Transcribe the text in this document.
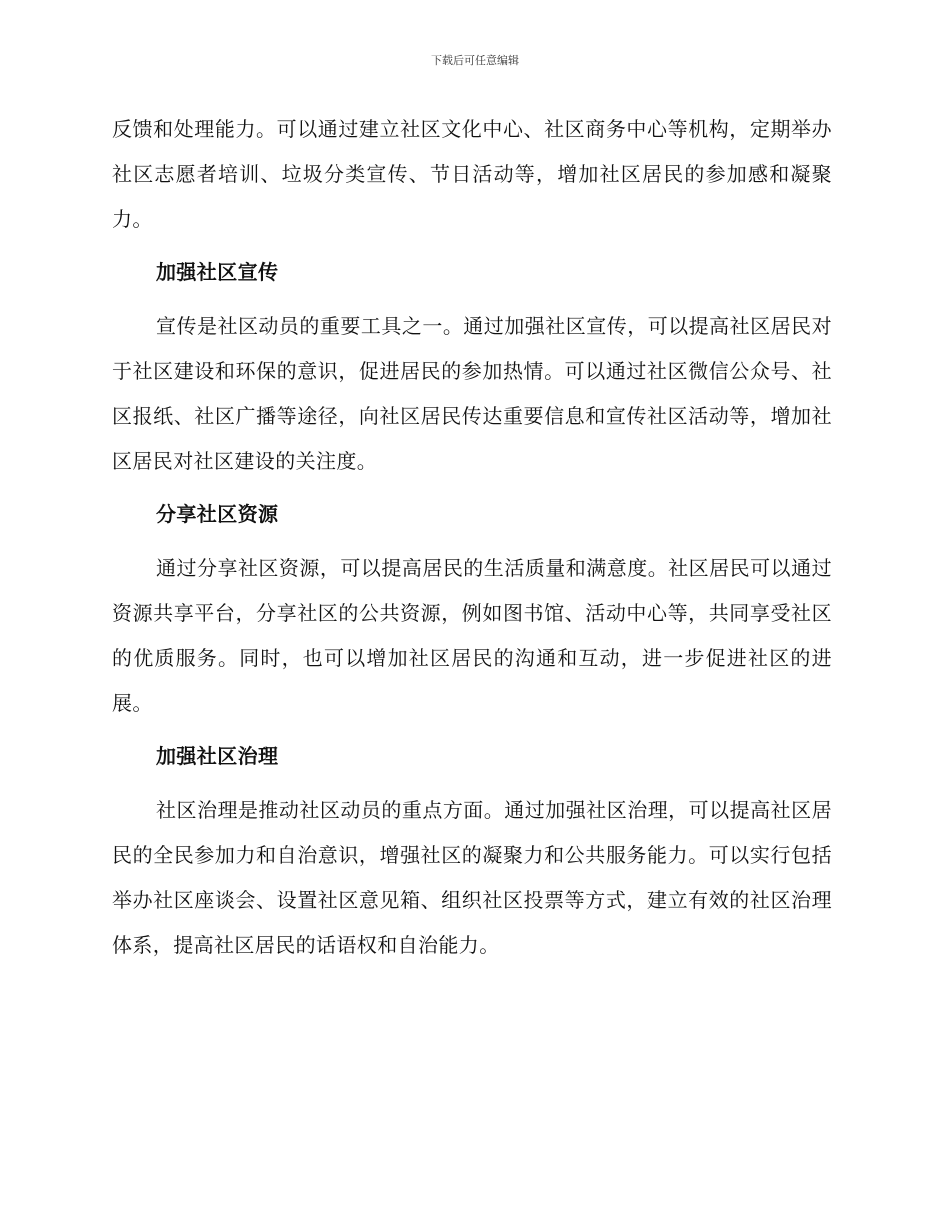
下载后可任意编辑

反馈和处理能力。可以通过建立社区文化中心、社区商务中心等机构，定期举办社区志愿者培训、垃圾分类宣传、节日活动等，增加社区居民的参加感和凝聚力。

加强社区宣传

宣传是社区动员的重要工具之一。通过加强社区宣传，可以提高社区居民对于社区建设和环保的意识，促进居民的参加热情。可以通过社区微信公众号、社区报纸、社区广播等途径，向社区居民传达重要信息和宣传社区活动等，增加社区居民对社区建设的关注度。

分享社区资源

通过分享社区资源，可以提高居民的生活质量和满意度。社区居民可以通过资源共享平台，分享社区的公共资源，例如图书馆、活动中心等，共同享受社区的优质服务。同时，也可以增加社区居民的沟通和互动，进一步促进社区的进展。

加强社区治理

社区治理是推动社区动员的重点方面。通过加强社区治理，可以提高社区居民的全民参加力和自治意识，增强社区的凝聚力和公共服务能力。可以实行包括举办社区座谈会、设置社区意见箱、组织社区投票等方式，建立有效的社区治理体系，提高社区居民的话语权和自治能力。
